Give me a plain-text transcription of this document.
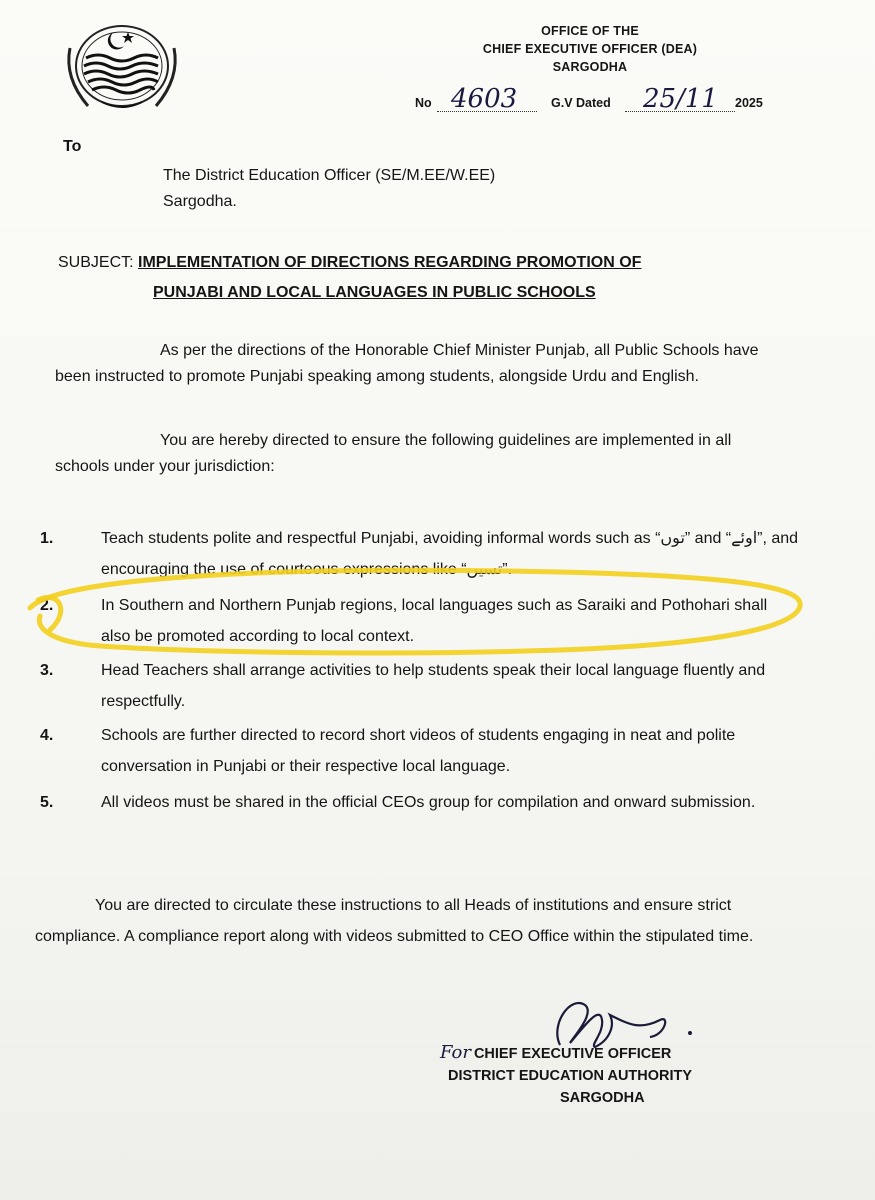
OFFICE OF THE
CHIEF EXECUTIVE OFFICER (DEA)
SARGODHA
No 4603	G.V Dated 25/11 2025
To
The District Education Officer (SE/M.EE/W.EE)
Sargodha.
SUBJECT: IMPLEMENTATION OF DIRECTIONS REGARDING PROMOTION OF
PUNJABI AND LOCAL LANGUAGES IN PUBLIC SCHOOLS
As per the directions of the Honorable Chief Minister Punjab, all Public Schools have been instructed to promote Punjabi speaking among students, alongside Urdu and English.
You are hereby directed to ensure the following guidelines are implemented in all schools under your jurisdiction:
1.	Teach students polite and respectful Punjabi, avoiding informal words such as “توں” and “اوئے”, and encouraging the use of courteous expressions like “تسیں”.
2.	In Southern and Northern Punjab regions, local languages such as Saraiki and Pothohari shall also be promoted according to local context.
3.	Head Teachers shall arrange activities to help students speak their local language fluently and respectfully.
4.	Schools are further directed to record short videos of students engaging in neat and polite conversation in Punjabi or their respective local language.
5.	All videos must be shared in the official CEOs group for compilation and onward submission.
You are directed to circulate these instructions to all Heads of institutions and ensure strict compliance. A compliance report along with videos submitted to CEO Office within the stipulated time.
For CHIEF EXECUTIVE OFFICER
DISTRICT EDUCATION AUTHORITY
SARGODHA
